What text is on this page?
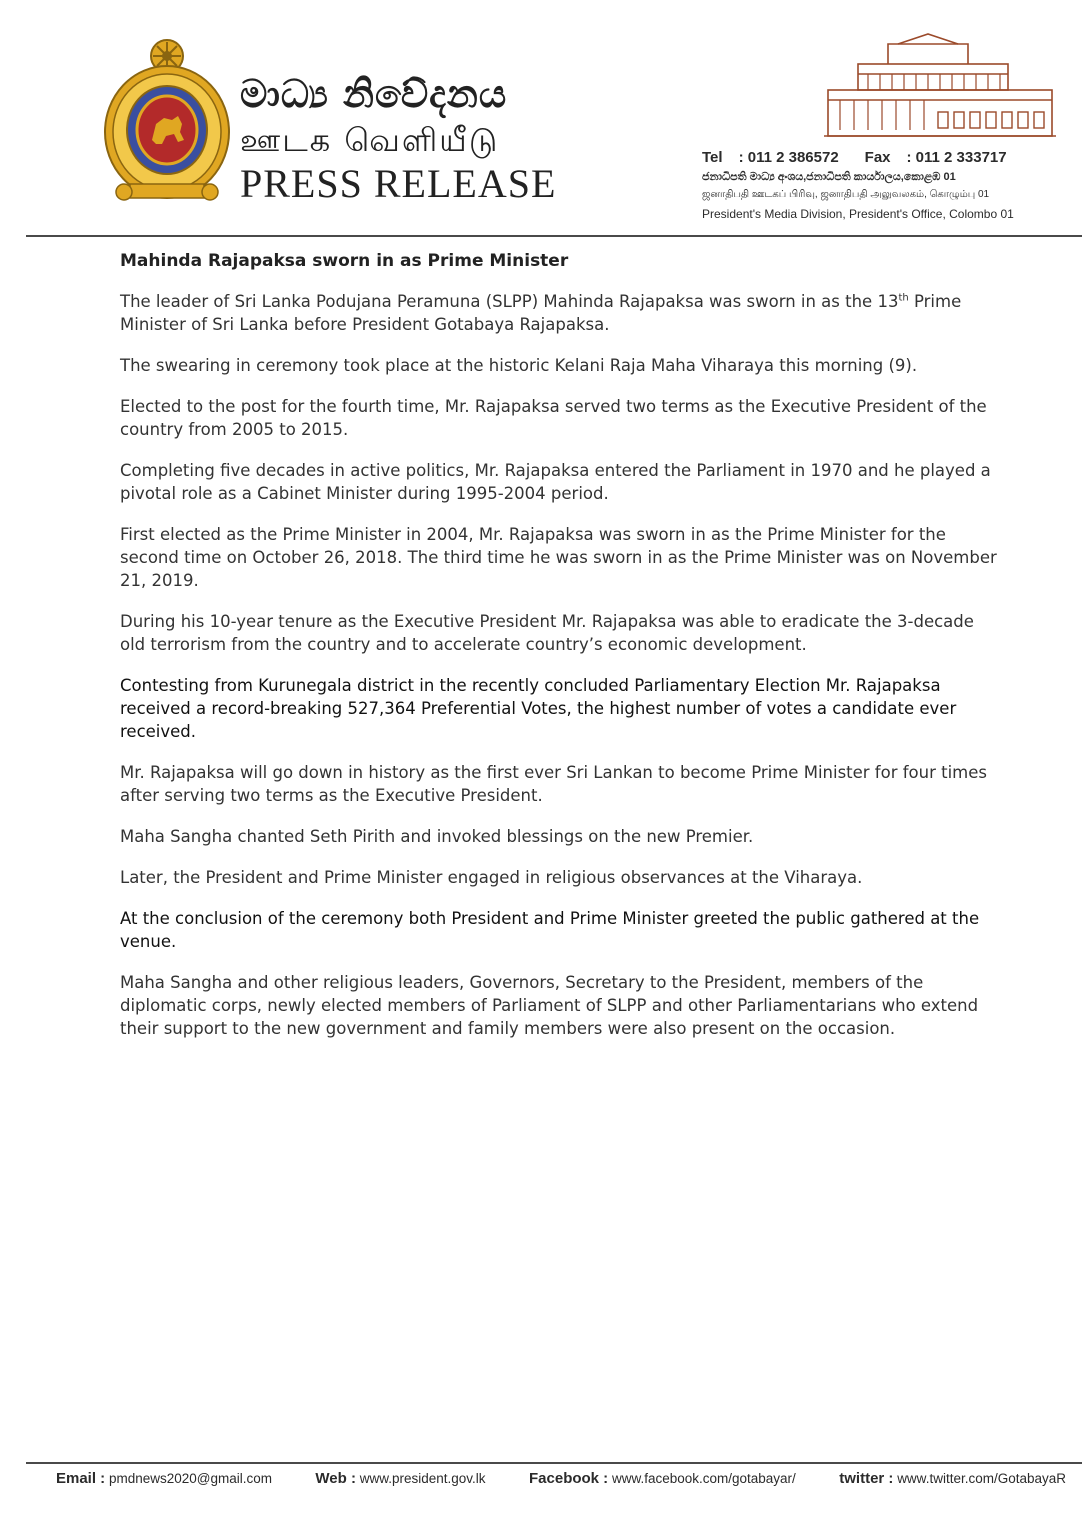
මාධ්‍ය නිවේදනය
ஊடக வெளியீடு
PRESS RELEASE
Tel : 011 2 386572 Fax : 011 2 333717
ජනාධිපති මාධ්‍ය අංශය,ජනාධිපති කාර්යාලය,කොළඹ 01
ஜனாதிபதி ஊடகப் பிரிவு, ஜனாதிபதி அலுவலகம், கொழும்பு 01
President's Media Division, President's Office, Colombo 01

Mahinda Rajapaksa sworn in as Prime Minister

The leader of Sri Lanka Podujana Peramuna (SLPP) Mahinda Rajapaksa was sworn in as the 13th Prime Minister of Sri Lanka before President Gotabaya Rajapaksa.

The swearing in ceremony took place at the historic Kelani Raja Maha Viharaya this morning (9).

Elected to the post for the fourth time, Mr. Rajapaksa served two terms as the Executive President of the country from 2005 to 2015.

Completing five decades in active politics, Mr. Rajapaksa entered the Parliament in 1970 and he played a pivotal role as a Cabinet Minister during 1995-2004 period.

First elected as the Prime Minister in 2004, Mr. Rajapaksa was sworn in as the Prime Minister for the second time on October 26, 2018. The third time he was sworn in as the Prime Minister was on November 21, 2019.

During his 10-year tenure as the Executive President Mr. Rajapaksa was able to eradicate the 3-decade old terrorism from the country and to accelerate country’s economic development.

Contesting from Kurunegala district in the recently concluded Parliamentary Election Mr. Rajapaksa received a record-breaking 527,364 Preferential Votes, the highest number of votes a candidate ever received.

Mr. Rajapaksa will go down in history as the first ever Sri Lankan to become Prime Minister for four times after serving two terms as the Executive President.

Maha Sangha chanted Seth Pirith and invoked blessings on the new Premier.

Later, the President and Prime Minister engaged in religious observances at the Viharaya.

At the conclusion of the ceremony both President and Prime Minister greeted the public gathered at the venue.

Maha Sangha and other religious leaders, Governors, Secretary to the President, members of the diplomatic corps, newly elected members of Parliament of SLPP and other Parliamentarians who extend their support to the new government and family members were also present on the occasion.

Email : pmdnews2020@gmail.com	Web : www.president.gov.lk	Facebook : www.facebook.com/gotabayar/	twitter : www.twitter.com/GotabayaR
